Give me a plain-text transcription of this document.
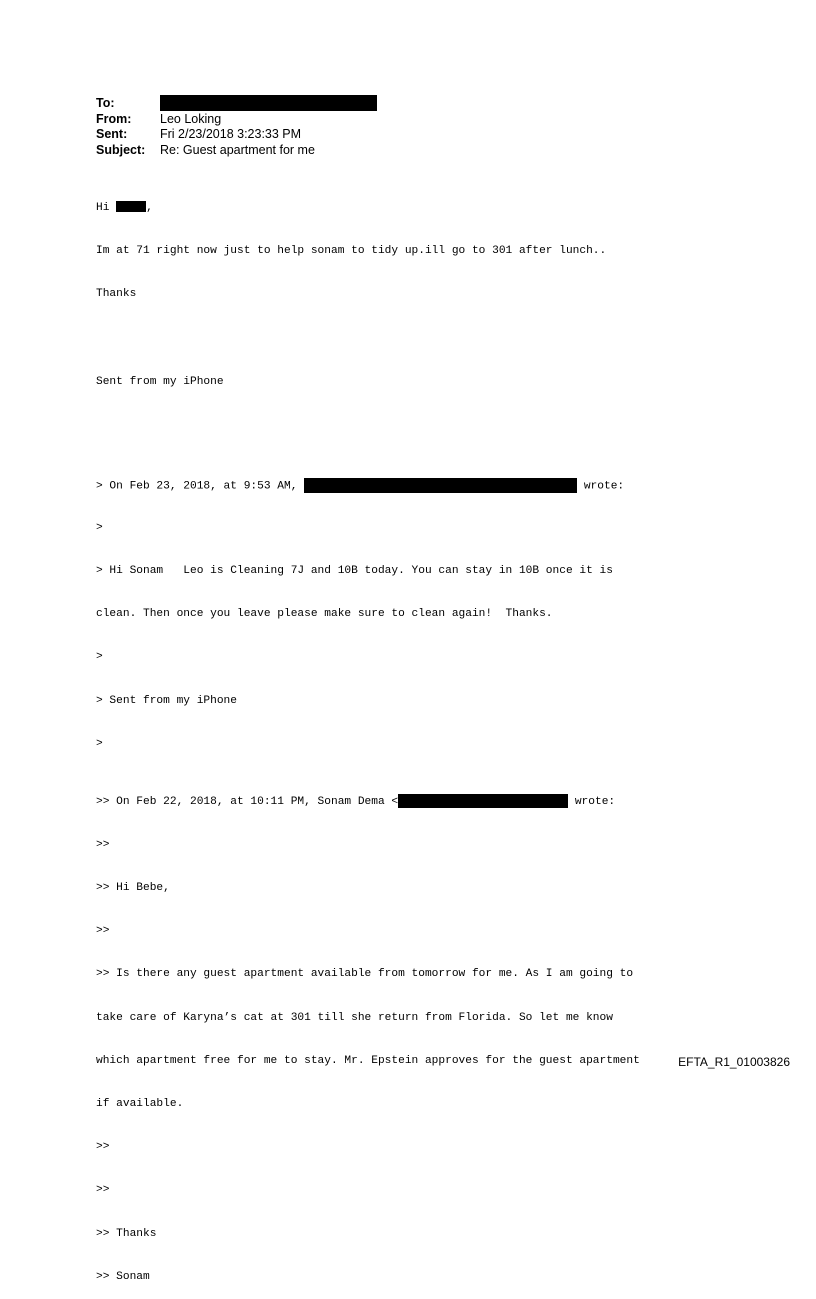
To:
From: Leo Loking
Sent:	Fri 2/23/2018 3:23:33 PM
Subject: Re: Guest apartment for me

Hi	,

Im at 71 right now just to help sonam to tidy up.ill go to 301 after lunch..

Thanks

Sent from my iPhone

> On Feb 23, 2018, at 9:53 AM,	wrote:

>

> Hi Sonam   Leo is Cleaning 7J and 10B today. You can stay in 10B once it is

clean. Then once you leave please make sure to clean again!  Thanks.

>

> Sent from my iPhone

>

>> On Feb 22, 2018, at 10:11 PM, Sonam Dema <	wrote:

>>

>> Hi Bebe,

>>

>> Is there any guest apartment available from tomorrow for me. As I am going to

take care of Karyna’s cat at 301 till she return from Florida. So let me know

which apartment free for me to stay. Mr. Epstein approves for the guest apartment

if available.

>>

>>

>> Thanks

>> Sonam

EFTA_R1_01003826
